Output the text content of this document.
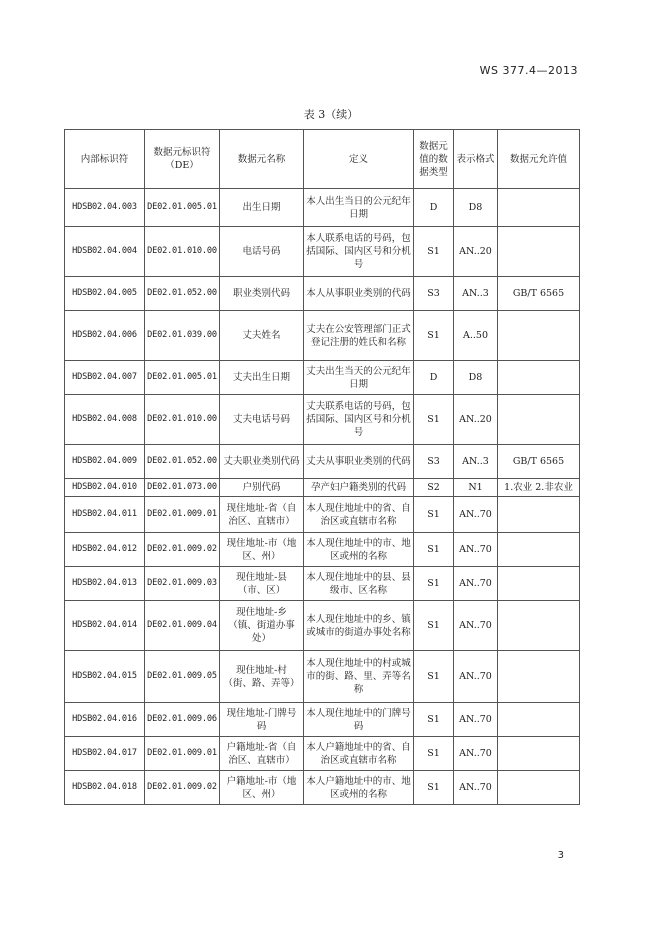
WS 377.4—2013
表 3（续）
内部标识符	数据元标识符（DE）	数据元名称	定义	数据元值的数据类型	表示格式	数据元允许值
HDSB02.04.003	DE02.01.005.01	出生日期	本人出生当日的公元纪年日期	D	D8	
HDSB02.04.004	DE02.01.010.00	电话号码	本人联系电话的号码，包括国际、国内区号和分机号	S1	AN..20	
HDSB02.04.005	DE02.01.052.00	职业类别代码	本人从事职业类别的代码	S3	AN..3	GB/T 6565
HDSB02.04.006	DE02.01.039.00	丈夫姓名	丈夫在公安管理部门正式登记注册的姓氏和名称	S1	A..50	
HDSB02.04.007	DE02.01.005.01	丈夫出生日期	丈夫出生当天的公元纪年日期	D	D8	
HDSB02.04.008	DE02.01.010.00	丈夫电话号码	丈夫联系电话的号码，包括国际、国内区号和分机号	S1	AN..20	
HDSB02.04.009	DE02.01.052.00	丈夫职业类别代码	丈夫从事职业类别的代码	S3	AN..3	GB/T 6565
HDSB02.04.010	DE02.01.073.00	户别代码	孕产妇户籍类别的代码	S2	N1	1.农业 2.非农业
HDSB02.04.011	DE02.01.009.01	现住地址-省（自治区、直辖市）	本人现住地址中的省、自治区或直辖市名称	S1	AN..70	
HDSB02.04.012	DE02.01.009.02	现住地址-市（地区、州）	本人现住地址中的市、地区或州的名称	S1	AN..70	
HDSB02.04.013	DE02.01.009.03	现住地址-县（市、区）	本人现住地址中的县、县级市、区名称	S1	AN..70	
HDSB02.04.014	DE02.01.009.04	现住地址-乡（镇、街道办事处）	本人现住地址中的乡、镇或城市的街道办事处名称	S1	AN..70	
HDSB02.04.015	DE02.01.009.05	现住地址-村（街、路、弄等）	本人现住地址中的村或城市的街、路、里、弄等名称	S1	AN..70	
HDSB02.04.016	DE02.01.009.06	现住地址-门牌号码	本人现住地址中的门牌号码	S1	AN..70	
HDSB02.04.017	DE02.01.009.01	户籍地址-省（自治区、直辖市）	本人户籍地址中的省、自治区或直辖市名称	S1	AN..70	
HDSB02.04.018	DE02.01.009.02	户籍地址-市（地区、州）	本人户籍地址中的市、地区或州的名称	S1	AN..70	
3
